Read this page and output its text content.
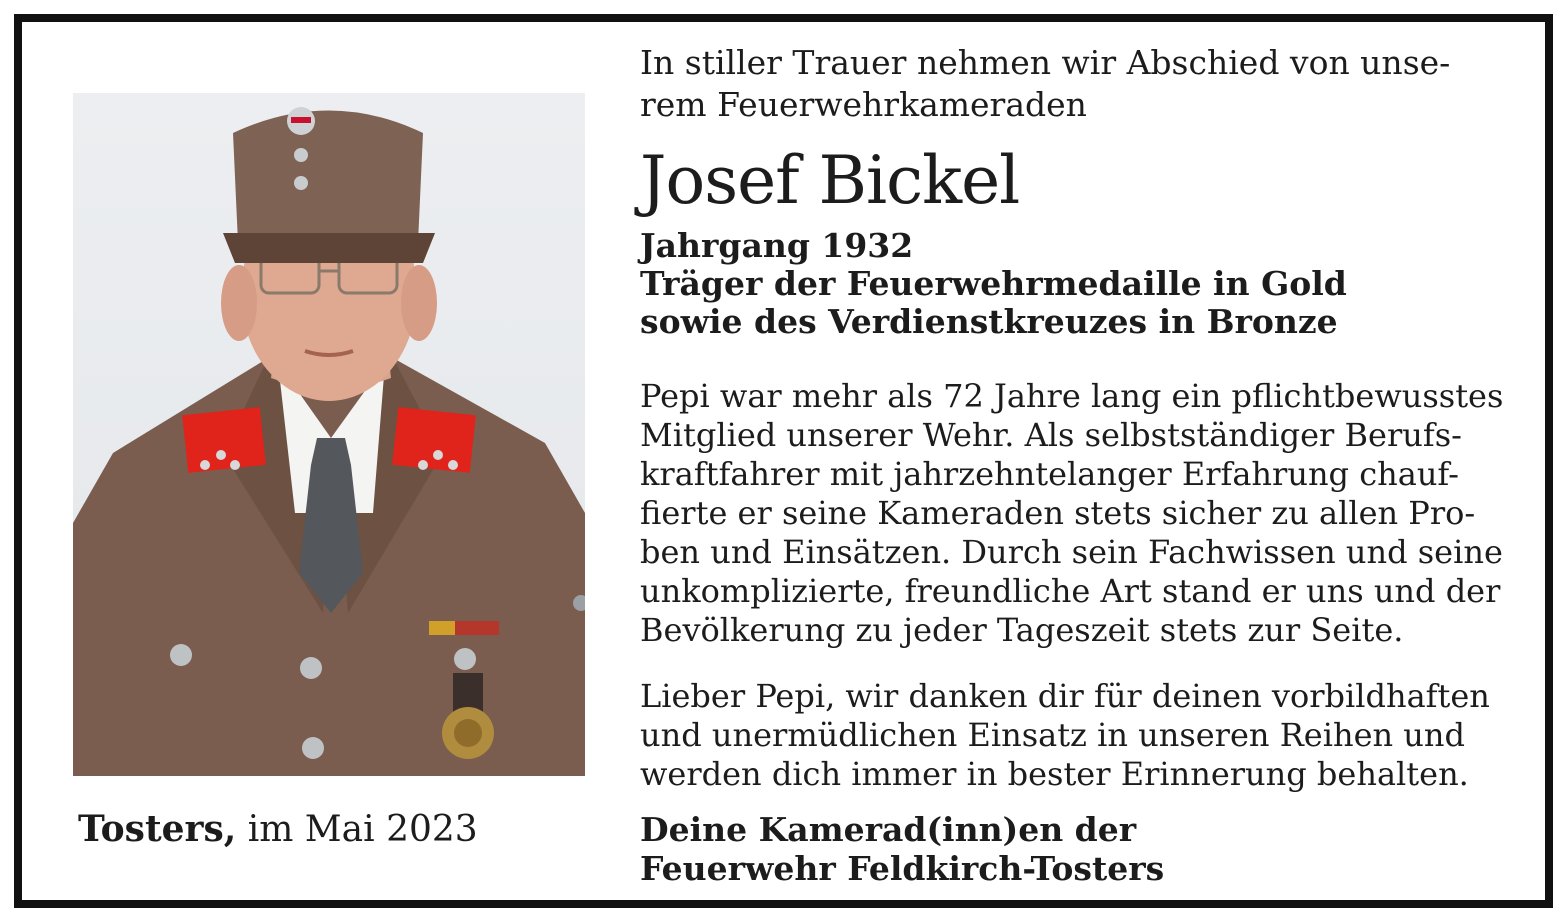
Tosters, im Mai 2023
In stiller Trauer nehmen wir Abschied von unse-
rem Feuerwehrkameraden
Josef Bickel
Jahrgang 1932
Träger der Feuerwehrmedaille in Gold
sowie des Verdienstkreuzes in Bronze
Pepi war mehr als 72 Jahre lang ein pflichtbewusstes
Mitglied unserer Wehr. Als selbstständiger Berufs-
kraftfahrer mit jahrzehntelanger Erfahrung chauf-
fierte er seine Kameraden stets sicher zu allen Pro-
ben und Einsätzen. Durch sein Fachwissen und seine
unkomplizierte, freundliche Art stand er uns und der
Bevölkerung zu jeder Tageszeit stets zur Seite.
Lieber Pepi, wir danken dir für deinen vorbildhaften
und unermüdlichen Einsatz in unseren Reihen und
werden dich immer in bester Erinnerung behalten.
Deine Kamerad(inn)en der
Feuerwehr Feldkirch-Tosters
